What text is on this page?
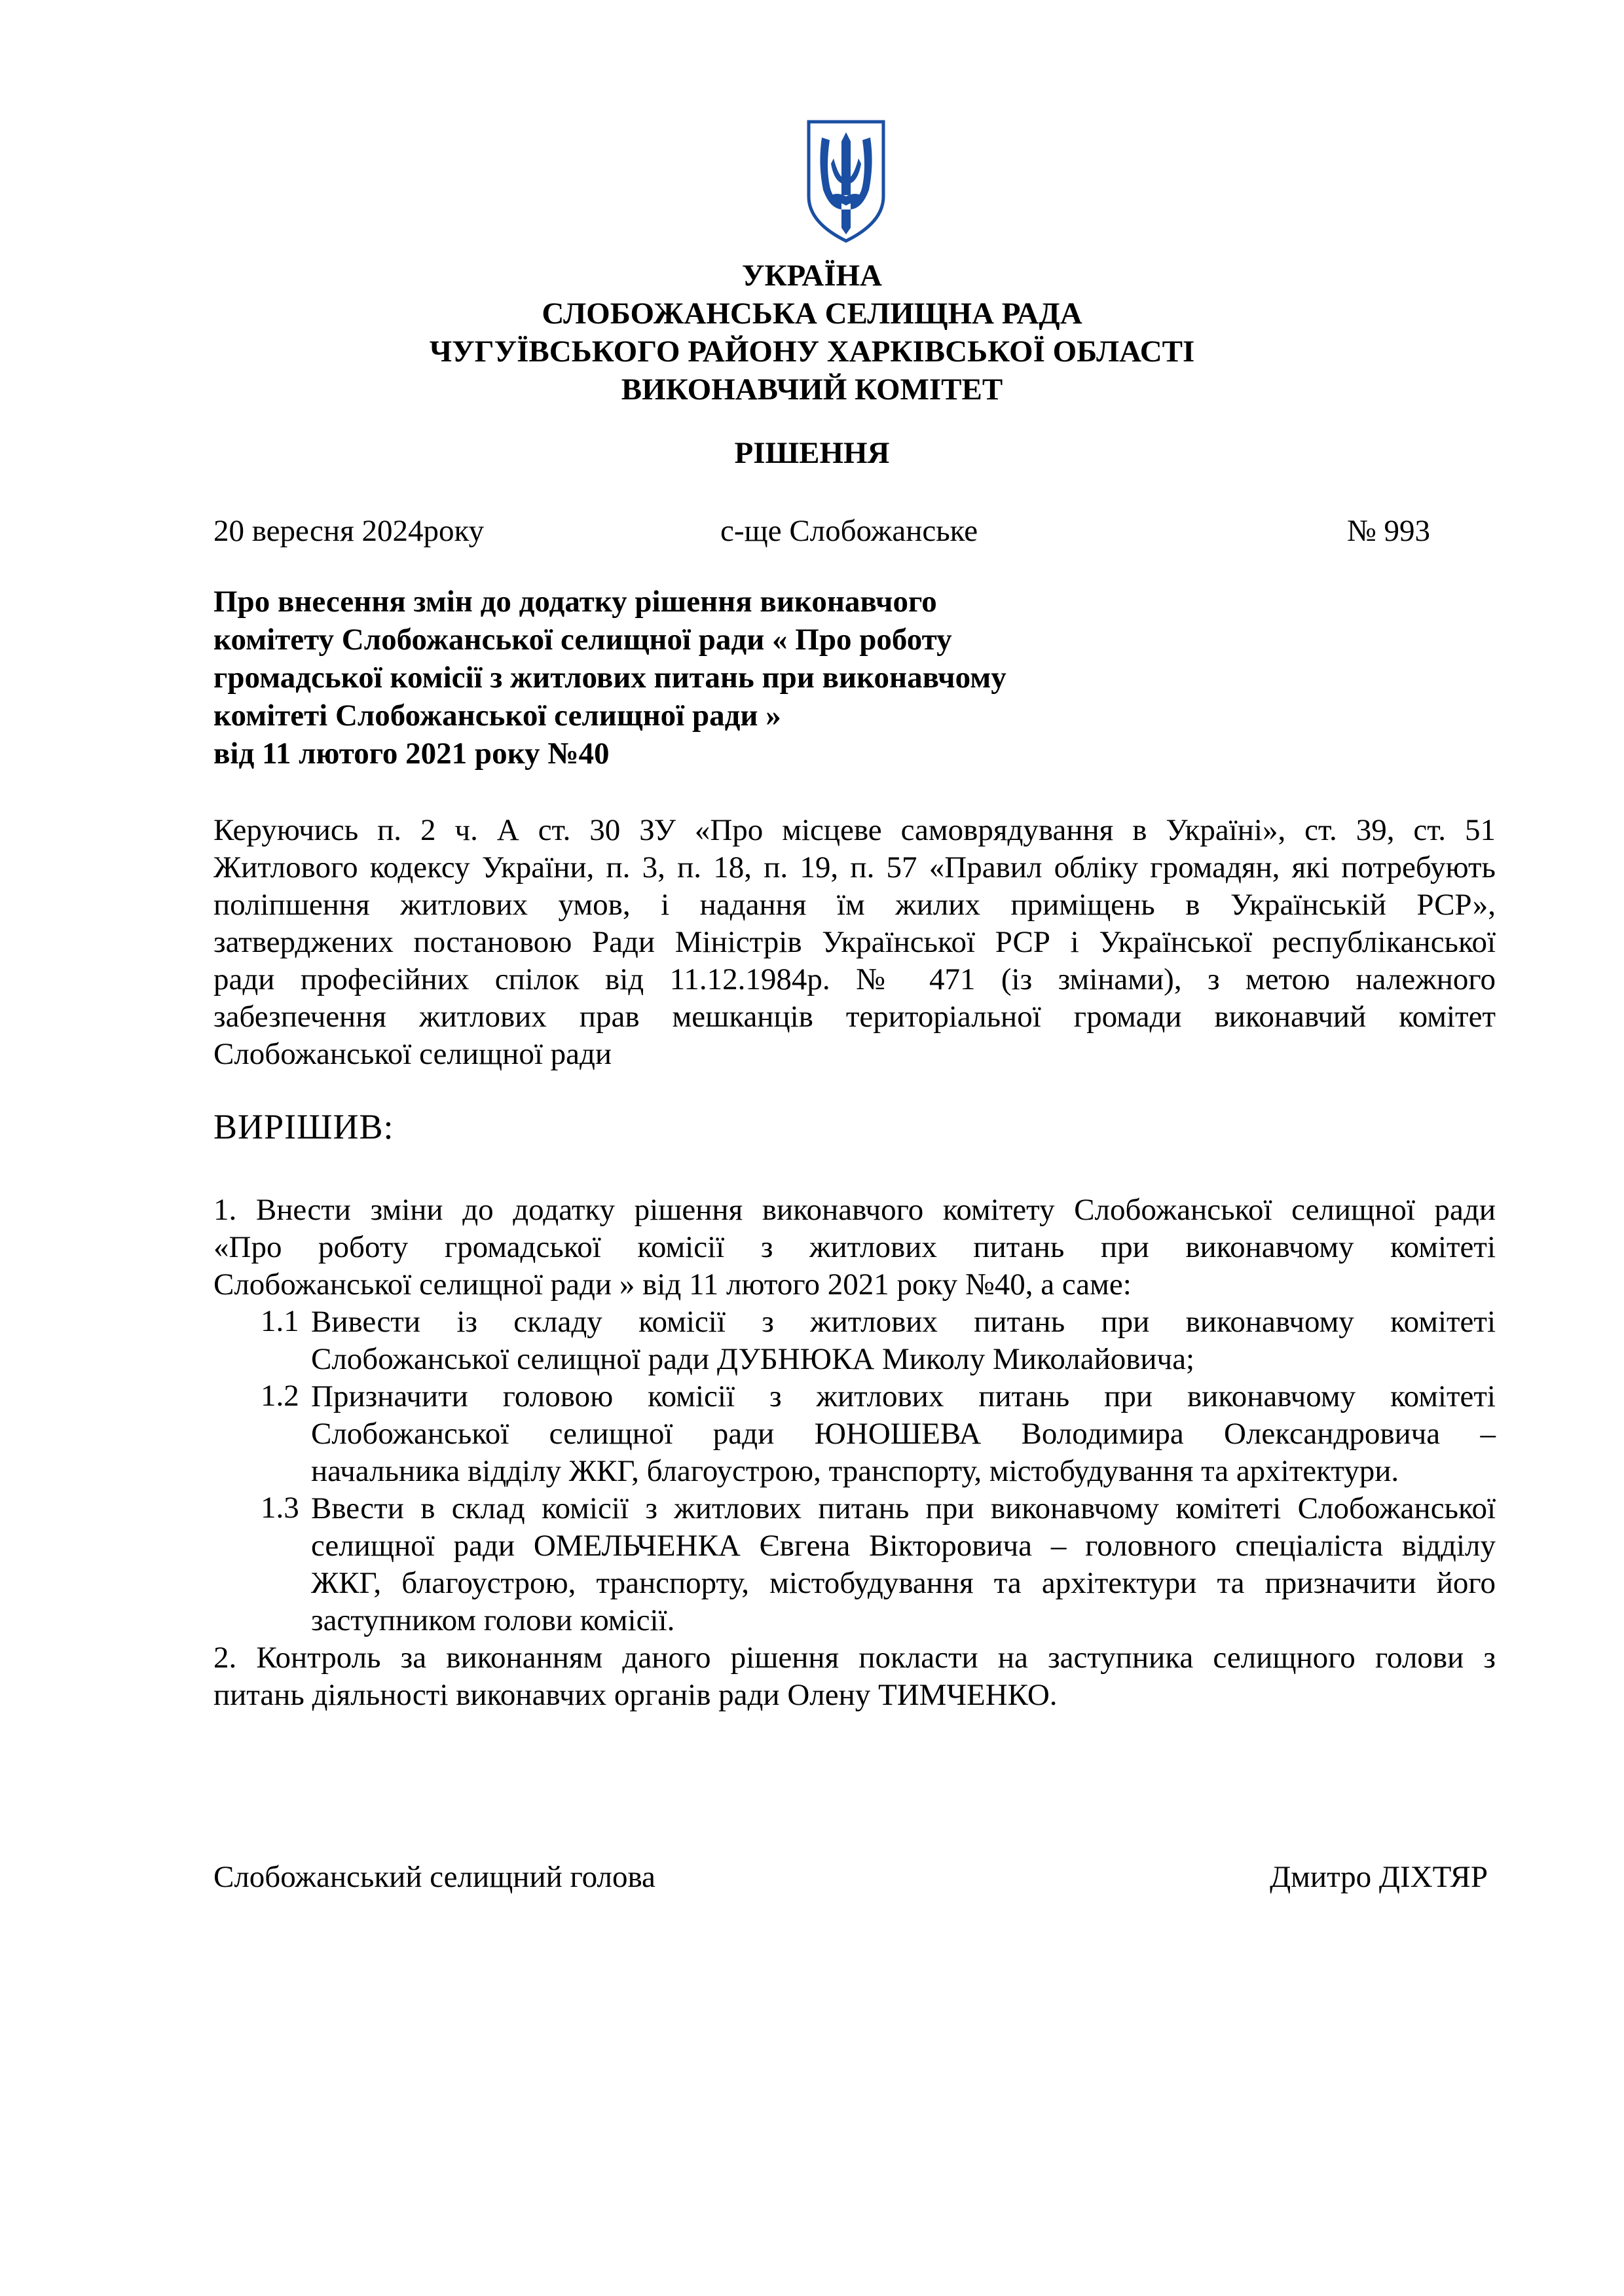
УКРАЇНА
СЛОБОЖАНСЬКА СЕЛИЩНА РАДА
ЧУГУЇВСЬКОГО РАЙОНУ ХАРКІВСЬКОЇ ОБЛАСТІ
ВИКОНАВЧИЙ КОМІТЕТ
РІШЕННЯ
20 вересня 2024року	с-ще Слобожанське	№ 993
Про внесення змін до додатку рішення виконавчого
комітету Слобожанської селищної ради « Про роботу
громадської комісії з житлових питань при виконавчому
комітеті Слобожанської селищної ради »
від 11 лютого 2021 року №40
Керуючись п. 2 ч. А ст. 30 ЗУ «Про місцеве самоврядування в Україні», ст. 39, ст. 51
Житлового кодексу України, п. 3, п. 18, п. 19, п. 57 «Правил обліку громадян, які потребують
поліпшення житлових умов, і надання їм жилих приміщень в Українській РСР»,
затверджених постановою Ради Міністрів Української РСР і Української республіканської
ради професійних спілок від 11.12.1984р. № 471 (із змінами), з метою належного
забезпечення житлових прав мешканців територіальної громади виконавчий комітет
Слобожанської селищної ради
ВИРІШИВ:
1. Внести зміни до додатку рішення виконавчого комітету Слобожанської селищної ради
«Про роботу громадської комісії з житлових питань при виконавчому комітеті
Слобожанської селищної ради » від 11 лютого 2021 року №40, а саме:
1.1 Вивести із складу комісії з житлових питань при виконавчому комітеті
Слобожанської селищної ради ДУБНЮКА Миколу Миколайовича;
1.2 Призначити головою комісії з житлових питань при виконавчому комітеті
Слобожанської селищної ради ЮНОШЕВА Володимира Олександровича –
начальника відділу ЖКГ, благоустрою, транспорту, містобудування та архітектури.
1.3 Ввести в склад комісії з житлових питань при виконавчому комітеті Слобожанської
селищної ради ОМЕЛЬЧЕНКА Євгена Вікторовича – головного спеціаліста відділу
ЖКГ, благоустрою, транспорту, містобудування та архітектури та призначити його
заступником голови комісії.
2. Контроль за виконанням даного рішення покласти на заступника селищного голови з
питань діяльності виконавчих органів ради Олену ТИМЧЕНКО.
Слобожанський селищний голова	Дмитро ДІХТЯР
